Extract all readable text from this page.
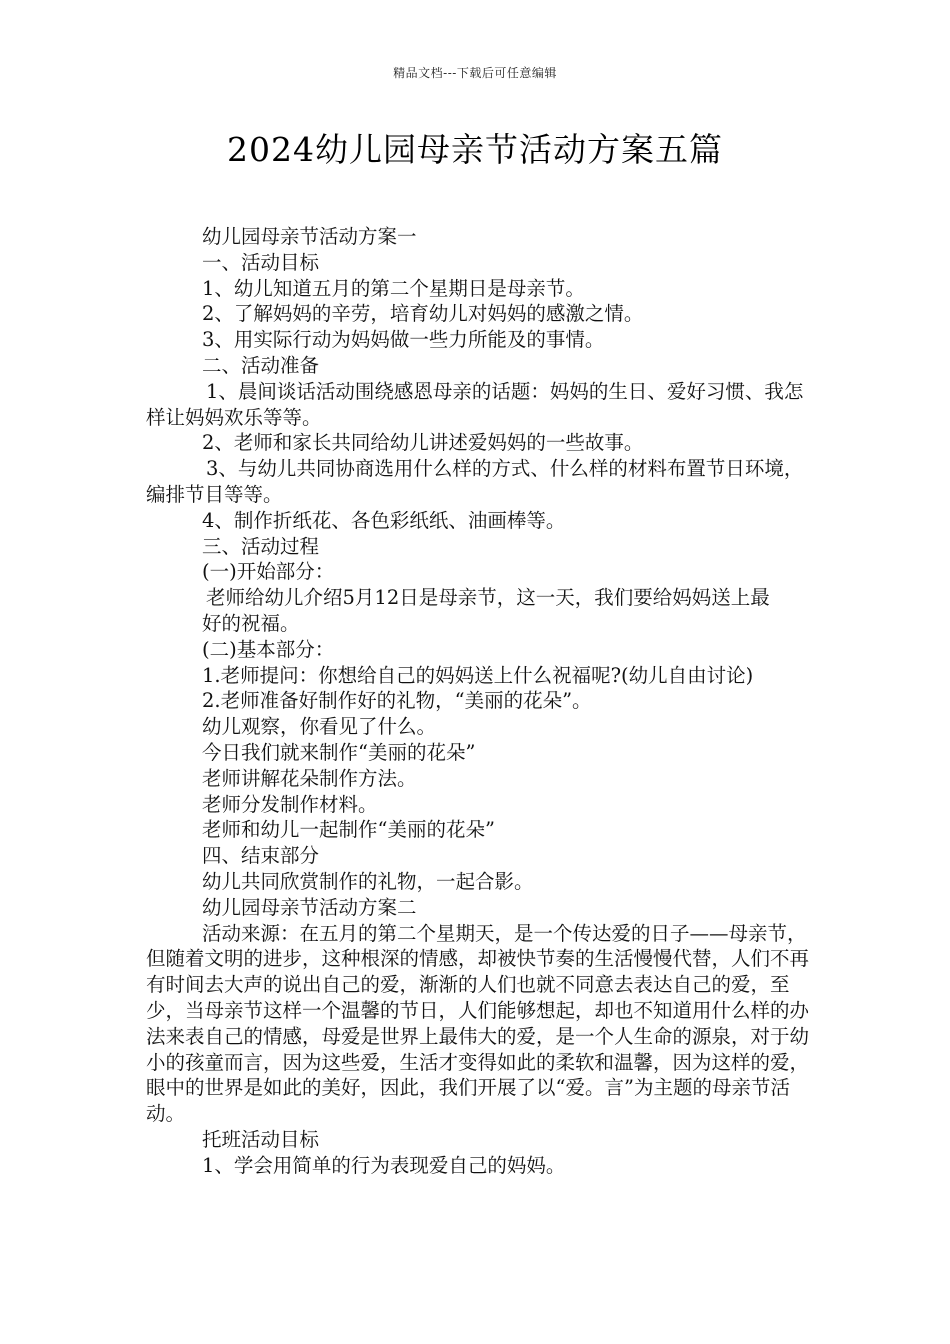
精品文档---下载后可任意编辑
2024幼儿园母亲节活动方案五篇

幼儿园母亲节活动方案一

一、活动目标

1、幼儿知道五月的第二个星期日是母亲节。

2、了解妈妈的辛劳，培育幼儿对妈妈的感激之情。

3、用实际行动为妈妈做一些力所能及的事情。

二、活动准备

1、晨间谈话活动围绕感恩母亲的话题：妈妈的生日、爱好习惯、我怎样让妈妈欢乐等等。

2、老师和家长共同给幼儿讲述爱妈妈的一些故事。

3、与幼儿共同协商选用什么样的方式、什么样的材料布置节日环境，编排节目等等。

4、制作折纸花、各色彩纸纸、油画棒等。

三、活动过程

(一)开始部分：

老师给幼儿介绍5月12日是母亲节，这一天，我们要给妈妈送上最

好的祝福。

(二)基本部分：

1.老师提问：你想给自己的妈妈送上什么祝福呢?(幼儿自由讨论)

2.老师准备好制作好的礼物，“美丽的花朵”。

幼儿观察，你看见了什么。

今日我们就来制作“美丽的花朵”

老师讲解花朵制作方法。

老师分发制作材料。

老师和幼儿一起制作“美丽的花朵”

四、结束部分

幼儿共同欣赏制作的礼物，一起合影。

幼儿园母亲节活动方案二

活动来源：在五月的第二个星期天，是一个传达爱的日子——母亲节，但随着文明的进步，这种根深的情感，却被快节奏的生活慢慢代替，人们不再有时间去大声的说出自己的爱，渐渐的人们也就不同意去表达自己的爱，至少，当母亲节这样一个温馨的节日，人们能够想起，却也不知道用什么样的办法来表自己的情感，母爱是世界上最伟大的爱，是一个人生命的源泉，对于幼小的孩童而言，因为这些爱，生活才变得如此的柔软和温馨，因为这样的爱，眼中的世界是如此的美好，因此，我们开展了以“爱。言”为主题的母亲节活动。

托班活动目标

1、学会用简单的行为表现爱自己的妈妈。
